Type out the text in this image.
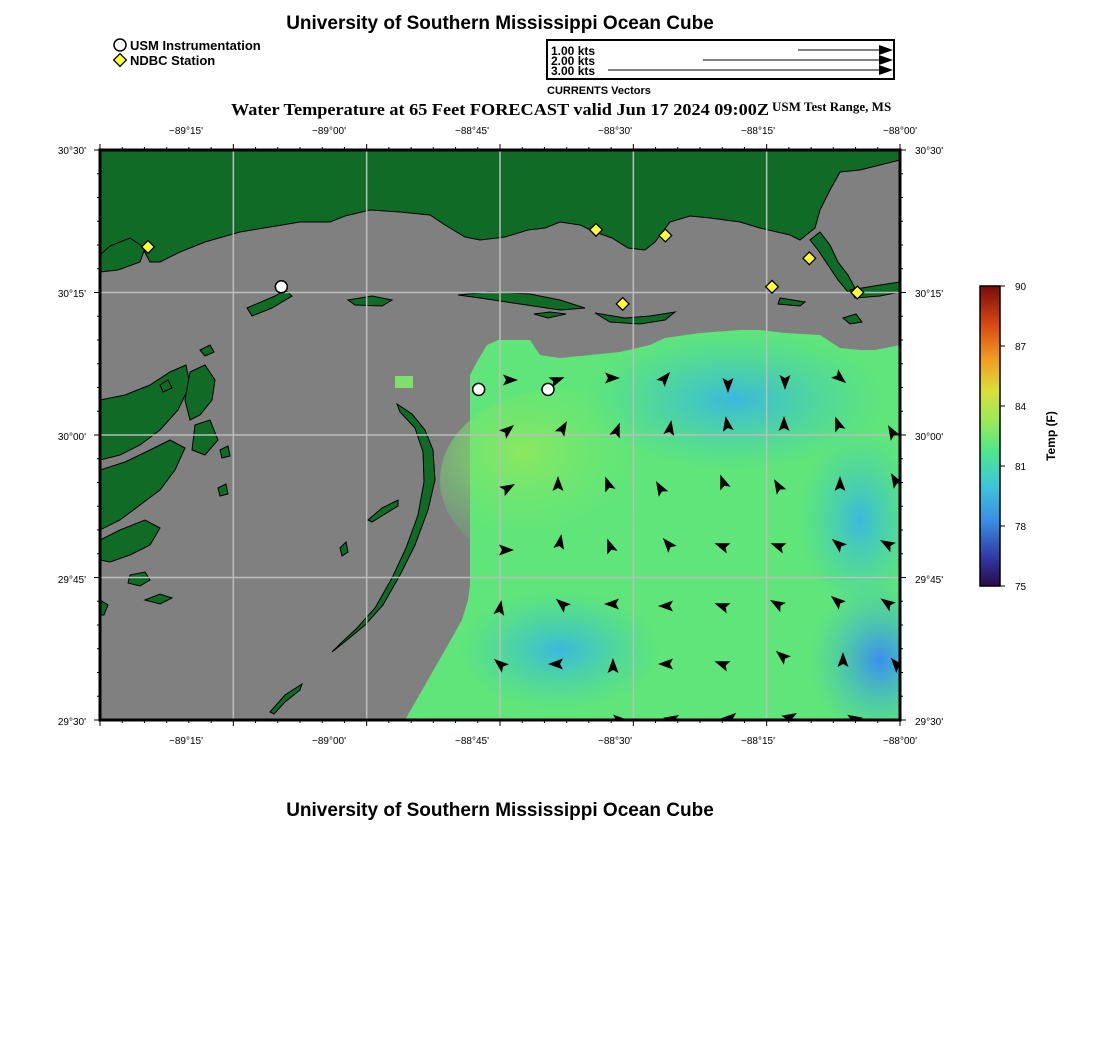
University of Southern Mississippi Ocean Cube
Water Temperature at 65 Feet FORECAST valid Jun 17 2024 09:00Z USM Test Range, MS
USM Instrumentation
NDBC Station
1.00 kts
2.00 kts
3.00 kts
CURRENTS Vectors
−89°15'	−89°00'	−88°45'	−88°30'	−88°15'	−88°00'
−89°15'	−89°00'	−88°45'	−88°30'	−88°15'	−88°00'
30°30'
30°15'
30°00'
29°45'
29°30'
30°30'
30°15'
30°00'
29°45'
29°30'
90
87
84
81
78
75
Temp (F)
University of Southern Mississippi Ocean Cube
